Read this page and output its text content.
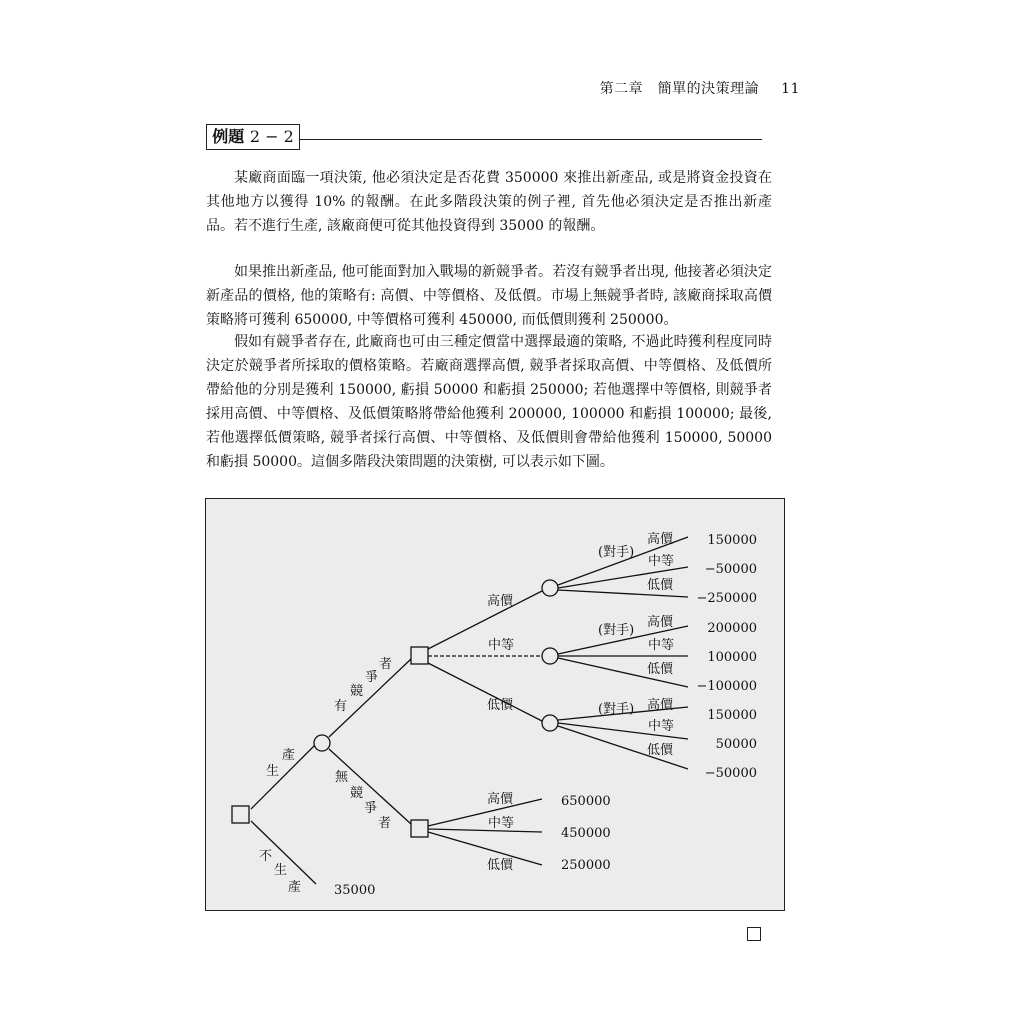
第二章　簡單的決策理論 11
例題 2 − 2

某廠商面臨一項決策, 他必須決定是否花費 350000 來推出新產品, 或是將資金投資在其他地方以獲得 10% 的報酬。在此多階段決策的例子裡, 首先他必須決定是否推出新產品。若不進行生產, 該廠商便可從其他投資得到 35000 的報酬。

如果推出新產品, 他可能面對加入戰場的新競爭者。若沒有競爭者出現, 他接著必須決定新產品的價格, 他的策略有: 高價、中等價格、及低價。市場上無競爭者時, 該廠商採取高價策略將可獲利 650000, 中等價格可獲利 450000, 而低價則獲利 250000。

假如有競爭者存在, 此廠商也可由三種定價當中選擇最適的策略, 不過此時獲利程度同時決定於競爭者所採取的價格策略。若廠商選擇高價, 競爭者採取高價、中等價格、及低價所帶給他的分別是獲利 150000, 虧損 50000 和虧損 250000; 若他選擇中等價格, 則競爭者採用高價、中等價格、及低價策略將帶給他獲利 200000, 100000 和虧損 100000; 最後, 若他選擇低價策略, 競爭者採行高價、中等價格、及低價則會帶給他獲利 150000, 50000 和虧損 50000。這個多階段決策問題的決策樹, 可以表示如下圖。

生
產
不
生
產	35000
有
競
爭
者
無
競
爭
者
高價
中等
低價
(對手)
高價
中等
低價
(對手)
高價
中等
低價
(對手) 高價
中等
低價
150000
−50000
−250000
200000
100000
−100000
150000
50000
−50000
高價
中等
低價
650000
450000
250000
